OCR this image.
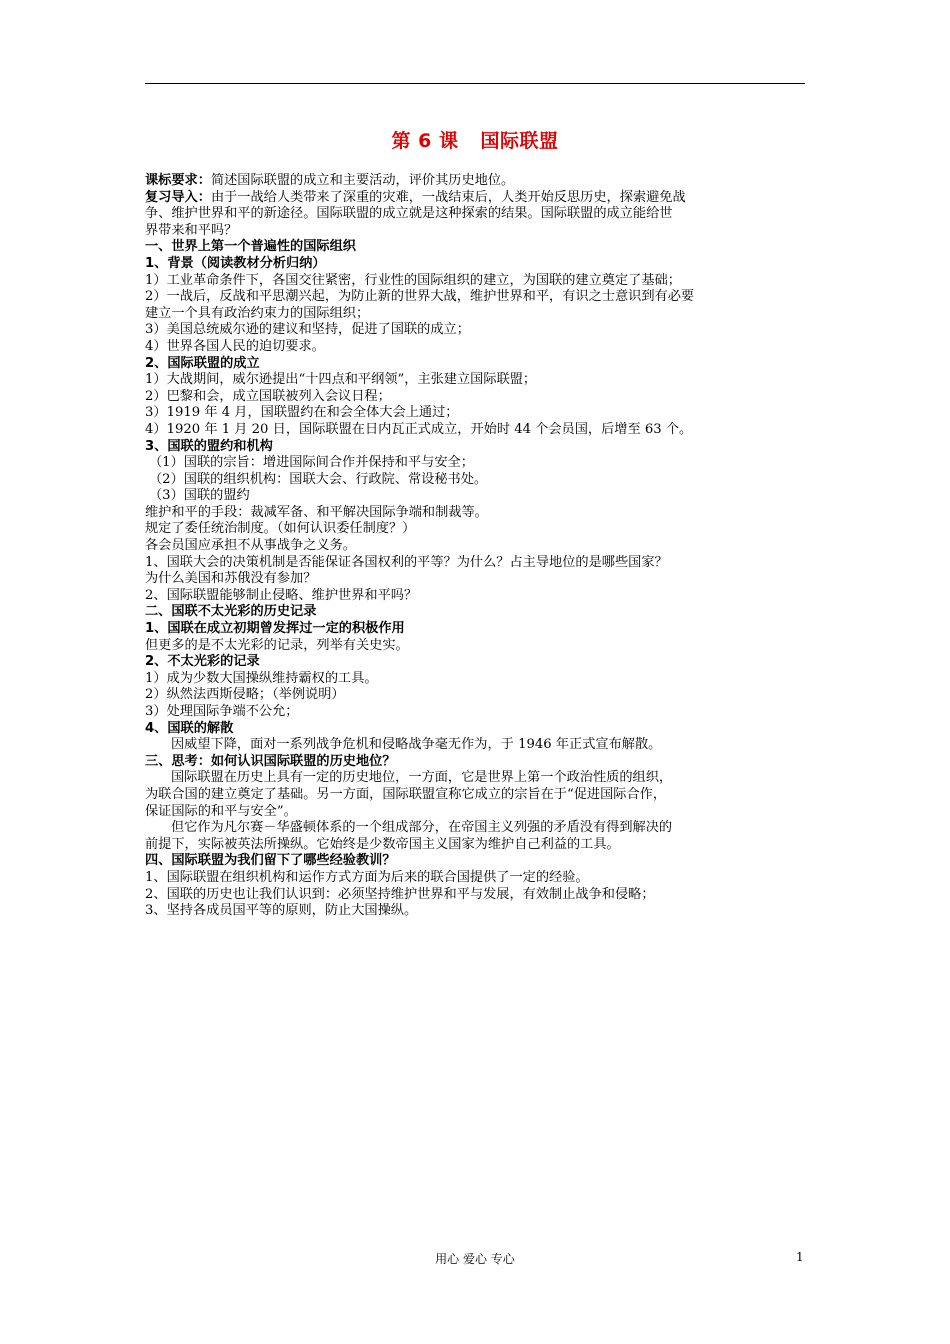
第 6 课 国际联盟

课标要求：简述国际联盟的成立和主要活动，评价其历史地位。

复习导入：由于一战给人类带来了深重的灾难，一战结束后，人类开始反思历史，探索避免战

争、维护世界和平的新途径。国际联盟的成立就是这种探索的结果。国际联盟的成立能给世

界带来和平吗？

一、世界上第一个普遍性的国际组织

1、背景（阅读教材分析归纳）

1）工业革命条件下，各国交往紧密，行业性的国际组织的建立，为国联的建立奠定了基础；

2）一战后，反战和平思潮兴起，为防止新的世界大战，维护世界和平，有识之士意识到有必要

建立一个具有政治约束力的国际组织；

3）美国总统威尔逊的建议和坚持，促进了国联的成立；

4）世界各国人民的迫切要求。

2、国际联盟的成立

1）大战期间，威尔逊提出“十四点和平纲领”，主张建立国际联盟；

2）巴黎和会，成立国联被列入会议日程；

3）1919 年 4 月，国联盟约在和会全体大会上通过；

4）1920 年 1 月 20 日，国际联盟在日内瓦正式成立，开始时 44 个会员国，后增至 63 个。

3、国联的盟约和机构

（1）国联的宗旨：增进国际间合作并保持和平与安全；

（2）国联的组织机构：国联大会、行政院、常设秘书处。

（3）国联的盟约

维护和平的手段：裁减军备、和平解决国际争端和制裁等。

规定了委任统治制度。（如何认识委任制度？）

各会员国应承担不从事战争之义务。

1、国联大会的决策机制是否能保证各国权利的平等？为什么？占主导地位的是哪些国家？

为什么美国和苏俄没有参加？

2、国际联盟能够制止侵略、维护世界和平吗？

二、国联不太光彩的历史记录

1、国联在成立初期曾发挥过一定的积极作用

但更多的是不太光彩的记录，列举有关史实。

2、不太光彩的记录

1）成为少数大国操纵维持霸权的工具。

2）纵然法西斯侵略；（举例说明）

3）处理国际争端不公允；

4、国联的解散

因威望下降，面对一系列战争危机和侵略战争毫无作为，于 1946 年正式宣布解散。

三、思考：如何认识国际联盟的历史地位？

国际联盟在历史上具有一定的历史地位，一方面，它是世界上第一个政治性质的组织，

为联合国的建立奠定了基础。另一方面，国际联盟宣称它成立的宗旨在于“促进国际合作，

保证国际的和平与安全”。

但它作为凡尔赛－华盛顿体系的一个组成部分，在帝国主义列强的矛盾没有得到解决的

前提下，实际被英法所操纵。它始终是少数帝国主义国家为维护自己利益的工具。

四、国际联盟为我们留下了哪些经验教训？

1、国际联盟在组织机构和运作方式方面为后来的联合国提供了一定的经验。

2、国联的历史也让我们认识到：必须坚持维护世界和平与发展，有效制止战争和侵略；

3、坚持各成员国平等的原则，防止大国操纵。

用心 爱心 专心	1
